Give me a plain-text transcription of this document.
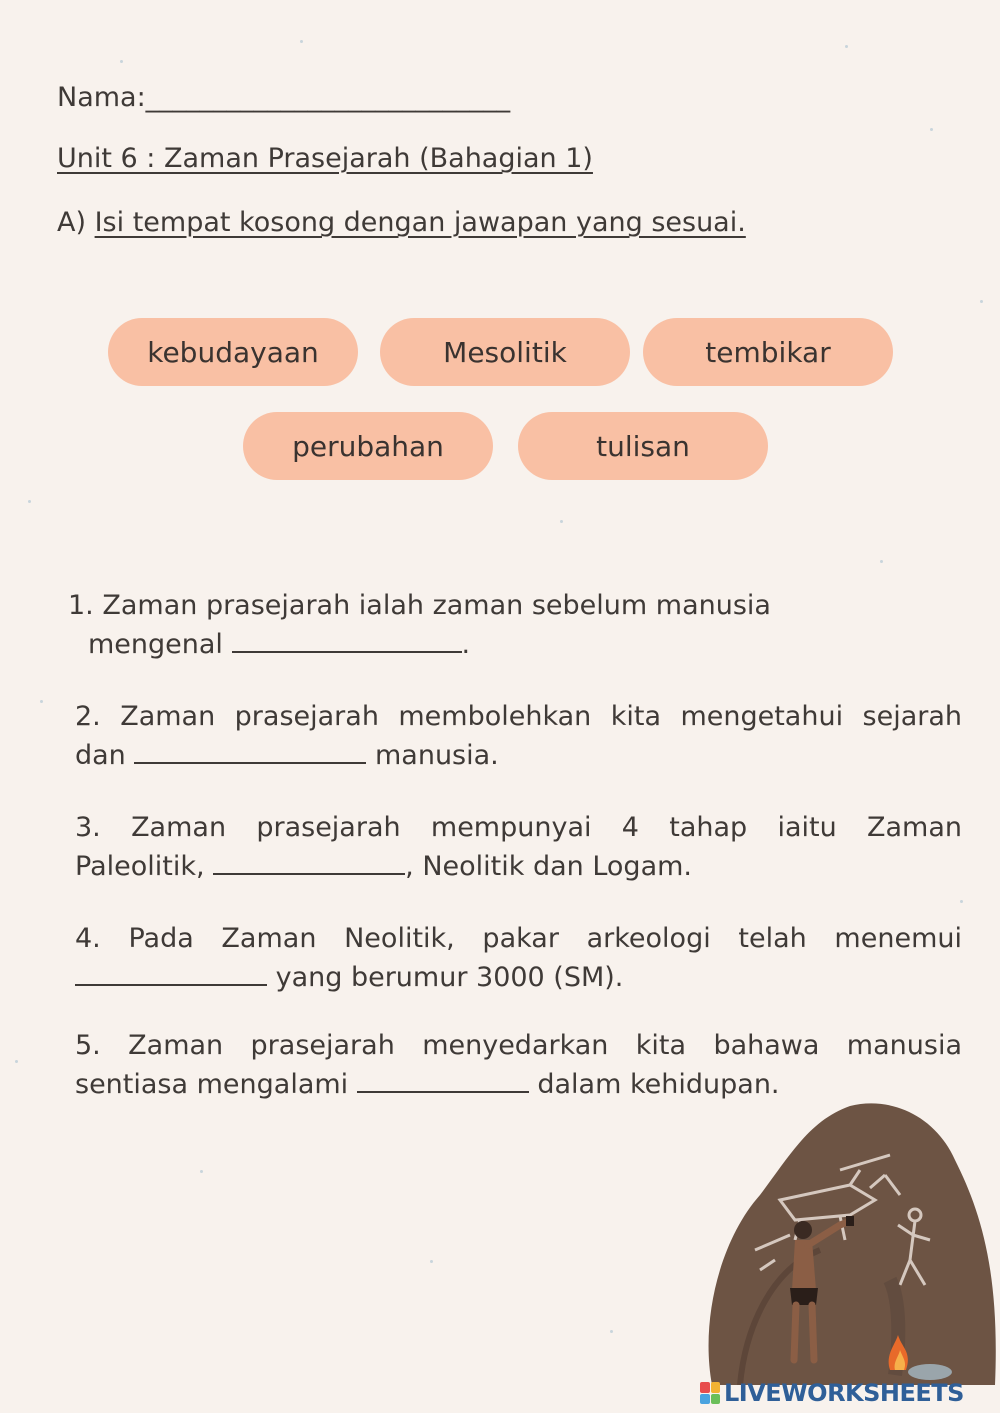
Nama:___________________________
Unit 6 : Zaman Prasejarah (Bahagian 1)
A) Isi tempat kosong dengan jawapan yang sesuai.
kebudayaan	Mesolitik	tembikar
perubahan	tulisan
1. Zaman prasejarah ialah zaman sebelum manusia
mengenal	.
2. Zaman prasejarah membolehkan kita mengetahui sejarah
dan	manusia.
3. Zaman prasejarah mempunyai 4 tahap iaitu Zaman
Paleolitik,	, Neolitik dan Logam.
4. Pada Zaman Neolitik, pakar arkeologi telah menemui
yang berumur 3000 (SM).
5. Zaman prasejarah menyedarkan kita bahawa manusia
sentiasa mengalami	dalam kehidupan.
LIVEWORKSHEETS
